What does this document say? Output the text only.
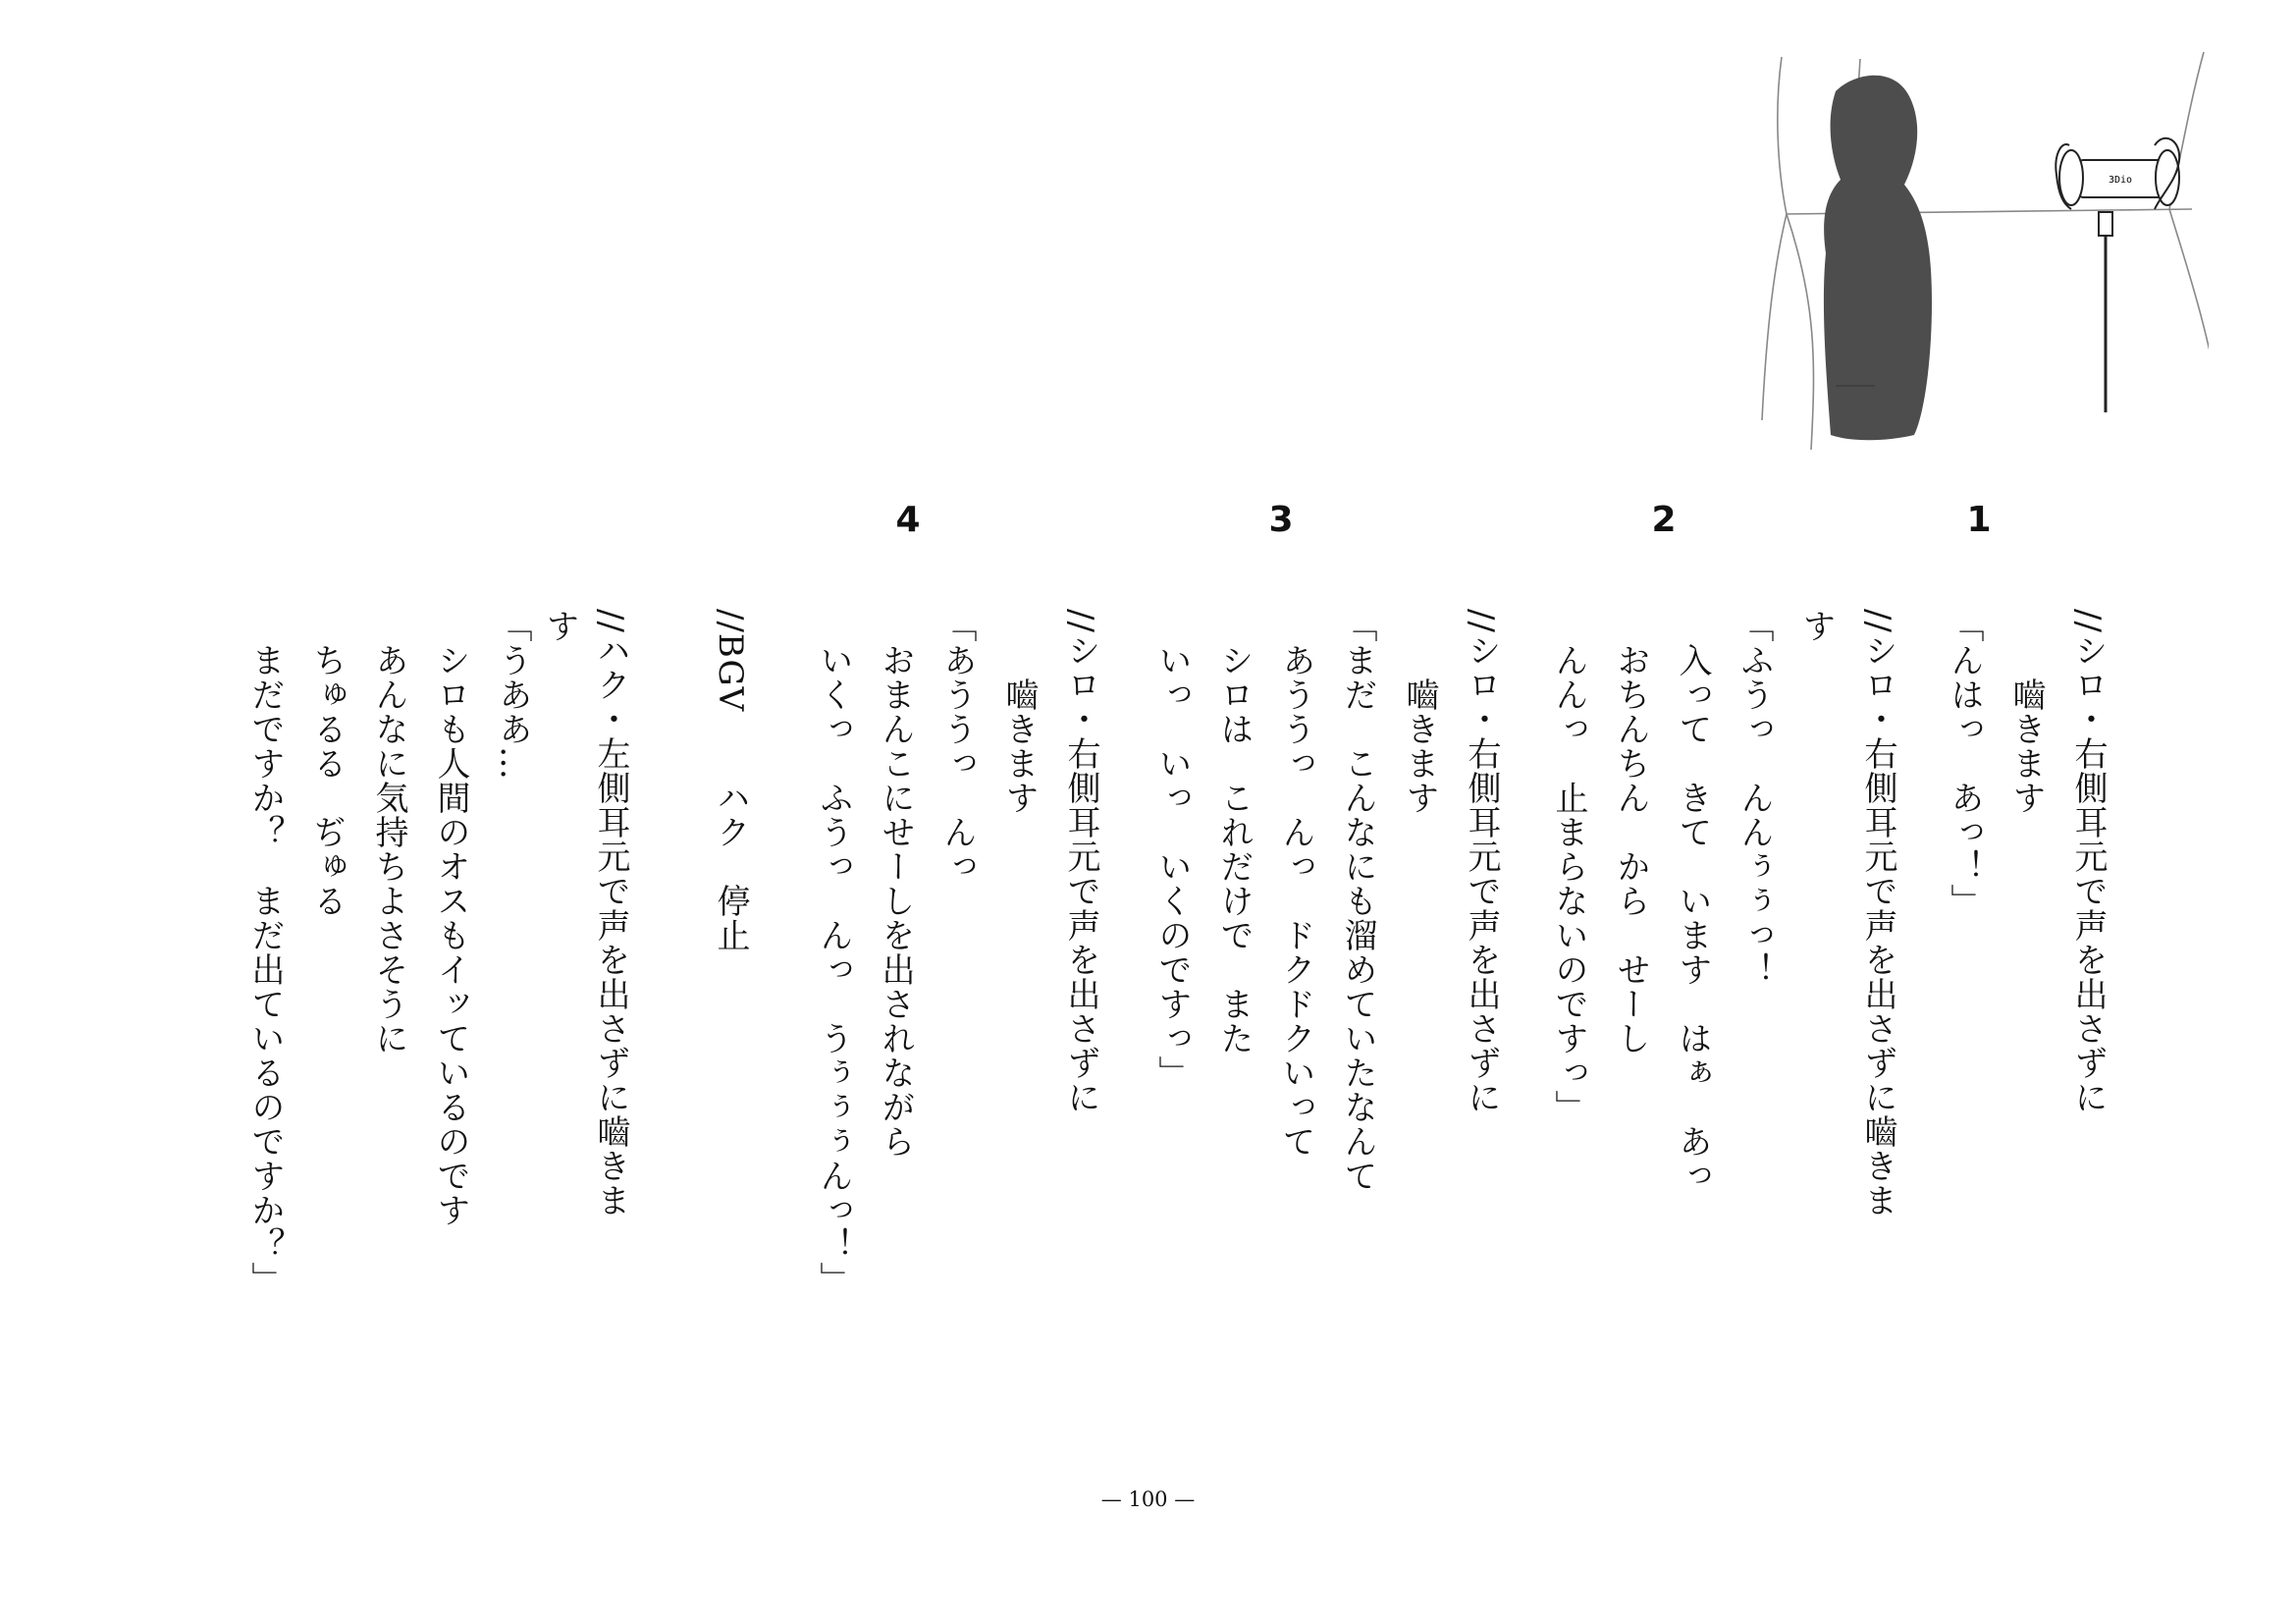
3Dio
1
2
3
4
//シロ・右側耳元で声を出さずに
　　嚙きます
「んはっ　あっ！」
//シロ・右側耳元で声を出さずに嚙きま
す
「ふうっ　んんぅぅっ！
　入って　きて　います　はぁ　あっ
　おちんちん　から　せーし
　んんっ　止まらないのですっ」
//シロ・右側耳元で声を出さずに
　　嚙きます
「まだ　こんなにも溜めていたなんて
　あううっ　んっ　ドクドクいって
　シロは　これだけで　また
　いっ　いっ　いくのですっ」
//シロ・右側耳元で声を出さずに
　　嚙きます
「あううっ　んっ
　おまんこにせーしを出されながら
　いくっ　ふうっ　んっ　うぅぅぅんっ！」
//BGV　　ハク　停止
//ハク・左側耳元で声を出さずに嚙きま
す
「うああ…
　シロも人間のオスもイッているのです
　あんなに気持ちよさそうに
　ちゅるる　ぢゅる
　まだですか？　まだ出ているのですか？」
— 100 —
